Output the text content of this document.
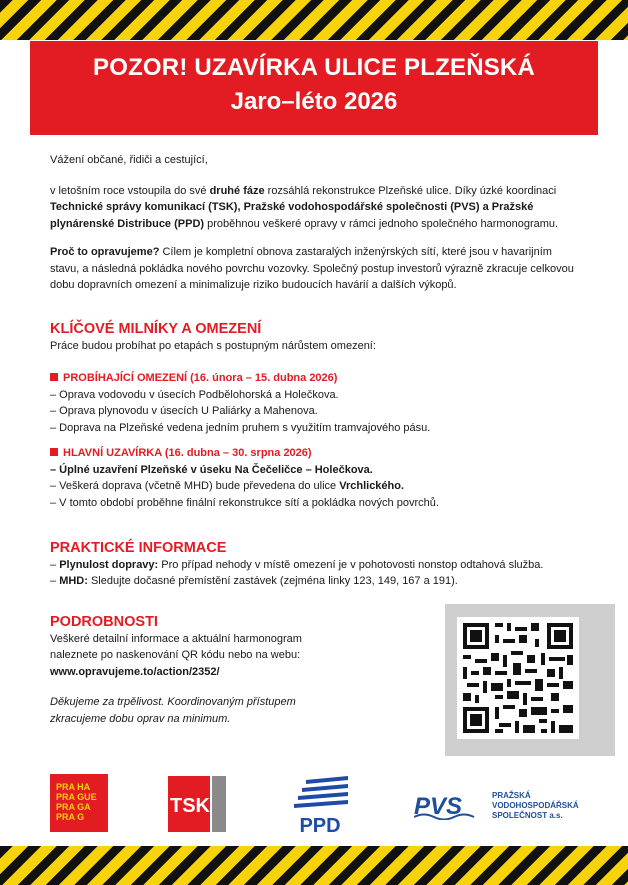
POZOR! UZAVÍRKA ULICE PLZEŇSKÁ
Jaro–léto 2026

Vážení občané, řidiči a cestující,

v letošním roce vstoupila do své druhé fáze rozsáhlá rekonstrukce Plzeňské ulice. Díky úzké koordinaci Technické správy komunikací (TSK), Pražské vodohospodářské společnosti (PVS) a Pražské plynárenské Distribuce (PPD) proběhnou veškeré opravy v rámci jednoho společného harmonogramu.

Proč to opravujeme? Cílem je kompletní obnova zastaralých inženýrských sítí, které jsou v havarijním stavu, a následná pokládka nového povrchu vozovky. Společný postup investorů výrazně zkracuje celkovou dobu dopravních omezení a minimalizuje riziko budoucích havárií a dalších výkopů.

KLÍČOVÉ MILNÍKY A OMEZENÍ

Práce budou probíhat po etapách s postupným nárůstem omezení:

PROBÍHAJÍCÍ OMEZENÍ (16. února – 15. dubna 2026)

– Oprava vodovodu v úsecích Podbělohorská a Holečkova.

– Oprava plynovodu v úsecích U Paliárky a Mahenova.

– Doprava na Plzeňské vedena jedním pruhem s využitím tramvajového pásu.

HLAVNÍ UZAVÍRKA (16. dubna – 30. srpna 2026)

– Úplné uzavření Plzeňské v úseku Na Čečeličce – Holečkova.

– Veškerá doprava (včetně MHD) bude převedena do ulice Vrchlického.

– V tomto období proběhne finální rekonstrukce sítí a pokládka nových povrchů.

PRAKTICKÉ INFORMACE

– Plynulost dopravy: Pro případ nehody v místě omezení je v pohotovosti nonstop odtahová služba.

– MHD: Sledujte dočasné přemístění zastávek (zejména linky 123, 149, 167 a 191).

PODROBNOSTI

Veškeré detailní informace a aktuální harmonogram

naleznete po naskenování QR kódu nebo na webu:

www.opravujeme.to/action/2352/

Děkujeme za trpělivost. Koordinovaným přístupem

zkracujeme dobu oprav na minimum.

PRA HA
PRA GUE
PRA GA
PRA G	TSK
PPD
PVS	PRAŽSKÁ
VODOHOSPODÁŘSKÁ
SPOLEČNOST a.s.
